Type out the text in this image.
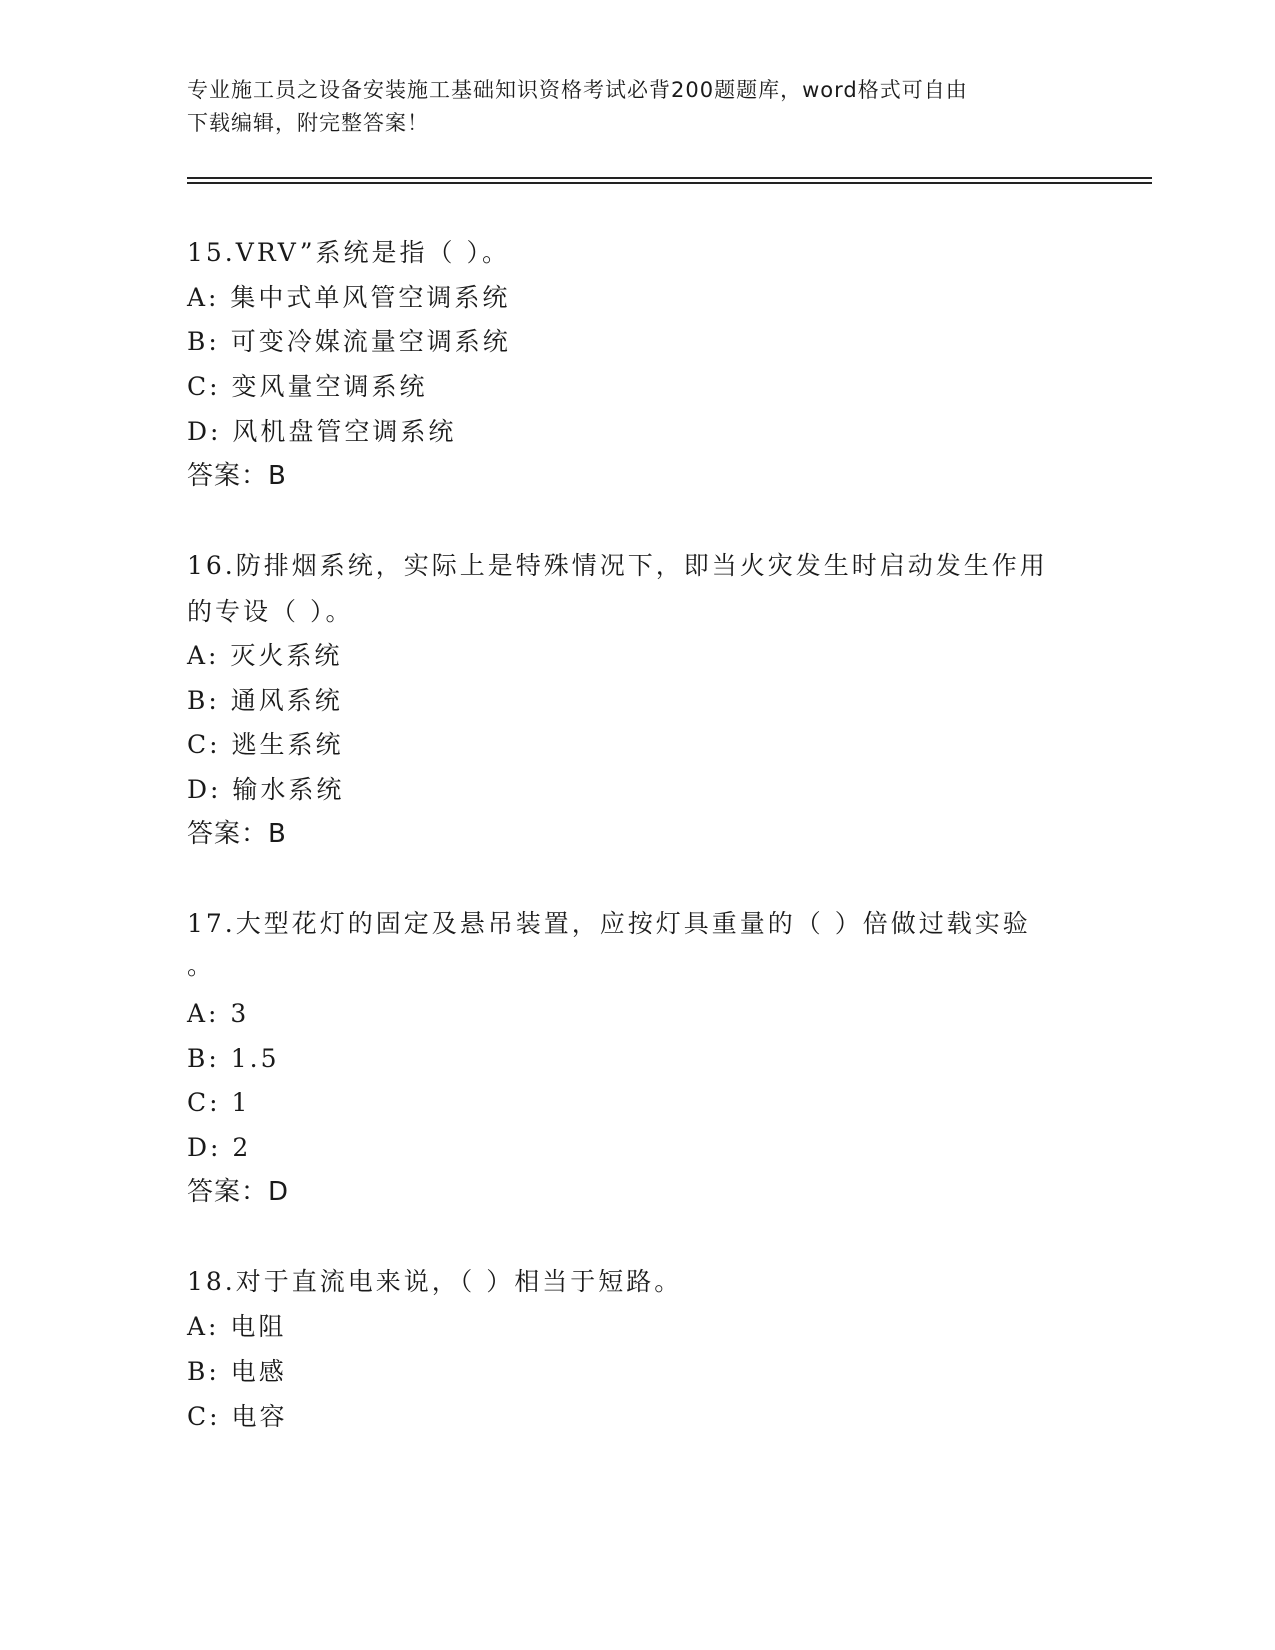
专业施工员之设备安装施工基础知识资格考试必背200题题库，word格式可自由
下载编辑，附完整答案！
15.VRV”系统是指（ ）。
A: 集中式单风管空调系统
B: 可变冷媒流量空调系统
C: 变风量空调系统
D: 风机盘管空调系统
答案：B
16.防排烟系统，实际上是特殊情况下，即当火灾发生时启动发生作用
的专设（ ）。
A: 灭火系统
B: 通风系统
C: 逃生系统
D: 输水系统
答案：B
17.大型花灯的固定及悬吊装置，应按灯具重量的（ ）倍做过载实验
。
A: 3
B: 1.5
C: 1
D: 2
答案：D
18.对于直流电来说，（ ）相当于短路。
A: 电阻
B: 电感
C: 电容
